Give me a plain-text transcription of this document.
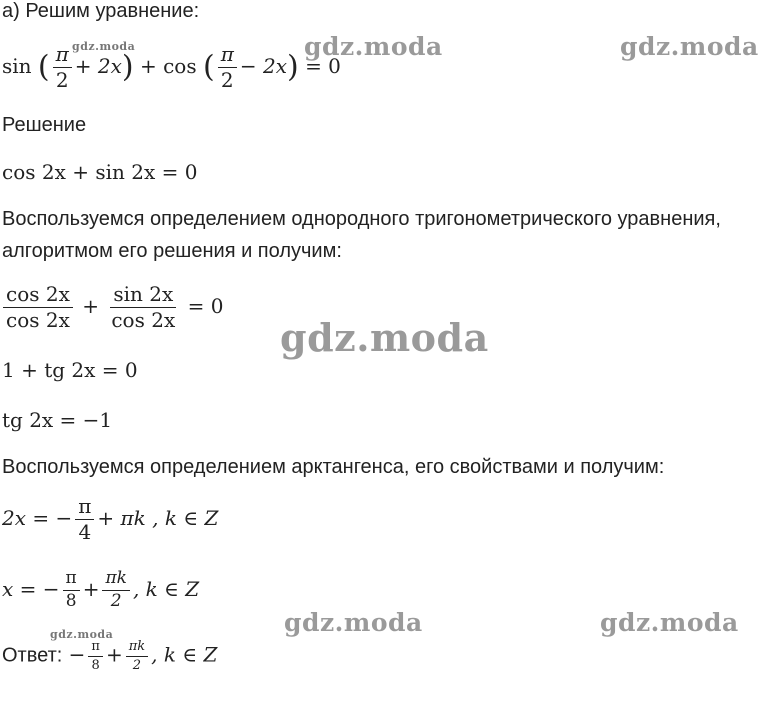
gdz.moda	gdz.moda	gdz.moda
gdz.moda
gdz.moda	gdz.moda
gdz.moda
а) Решим уравнение:
sin ( $\frac{\pi}{2} + 2x) + \cos$ ( $\frac{\pi}{2} - 2x) = 0$
Решение
cos 2x + sin 2x = 0
Воспользуемся определением однородного тригонометрического уравнения,
алгоритмом его решения и получим:
$\frac{\cos 2x}{\cos 2x} + \frac{\sin 2x}{\cos 2x} = 0$
1 + tg 2x = 0
tg 2x = −1
Воспользуемся определением арктангенса, его свойствами и получим:
2x = − $\frac{\pi}{4} + \pi k$ , k ∈ Z
x = − $\frac{\pi}{8} + \frac{\pi k}{2}$ , k ∈ Z
Ответ: − $\frac{\pi}{8} + \frac{\pi k}{2}$ , k ∈ Z
